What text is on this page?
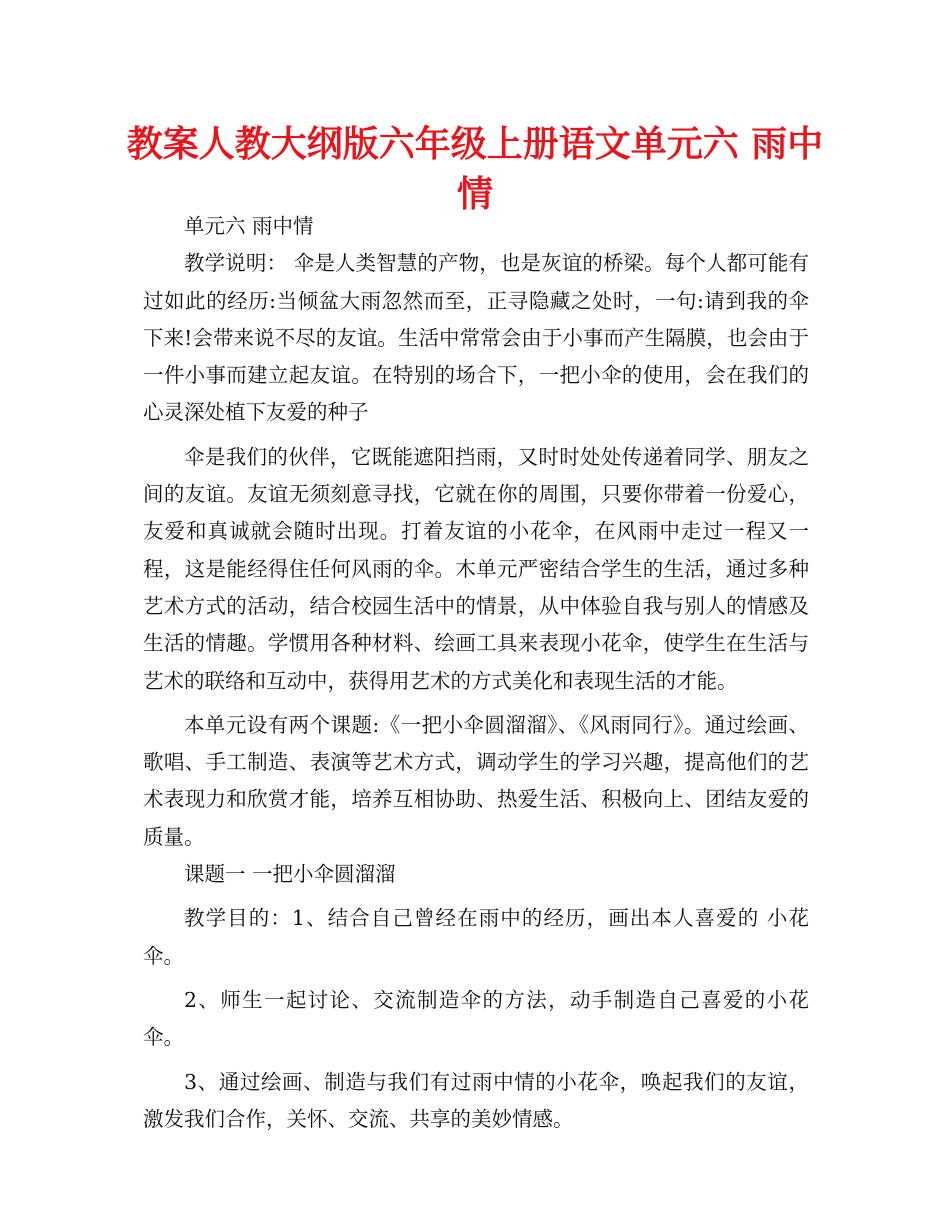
教案人教大纲版六年级上册语文单元六 雨中情

单元六 雨中情

教学说明： 伞是人类智慧的产物，也是灰谊的桥梁。每个人都可能有过如此的经历:当倾盆大雨忽然而至，正寻隐藏之处时，一句:请到我的伞下来!会带来说不尽的友谊。生活中常常会由于小事而产生隔膜，也会由于一件小事而建立起友谊。在特别的场合下，一把小伞的使用，会在我们的心灵深处植下友爱的种子

伞是我们的伙伴，它既能遮阳挡雨，又时时处处传递着同学、朋友之间的友谊。友谊无须刻意寻找，它就在你的周围，只要你带着一份爱心，友爱和真诚就会随时出现。打着友谊的小花伞，在风雨中走过一程又一程，这是能经得住任何风雨的伞。木单元严密结合学生的生活，通过多种艺术方式的活动，结合校园生活中的情景，从中体验自我与别人的情感及生活的情趣。学惯用各种材料、绘画工具来表现小花伞，使学生在生活与艺术的联络和互动中，获得用艺术的方式美化和表现生活的才能。

本单元设有两个课题:《一把小伞圆溜溜》、《风雨同行》。通过绘画、歌唱、手工制造、表演等艺术方式，调动学生的学习兴趣，提高他们的艺术表现力和欣赏才能，培养互相协助、热爱生活、积极向上、团结友爱的质量。

课题一 一把小伞圆溜溜

教学目的：1、结合自己曾经在雨中的经历，画出本人喜爱的 小花伞。

2、师生一起讨论、交流制造伞的方法，动手制造自己喜爱的小花伞。

3、通过绘画、制造与我们有过雨中情的小花伞，唤起我们的友谊，激发我们合作，关怀、交流、共享的美妙情感。
